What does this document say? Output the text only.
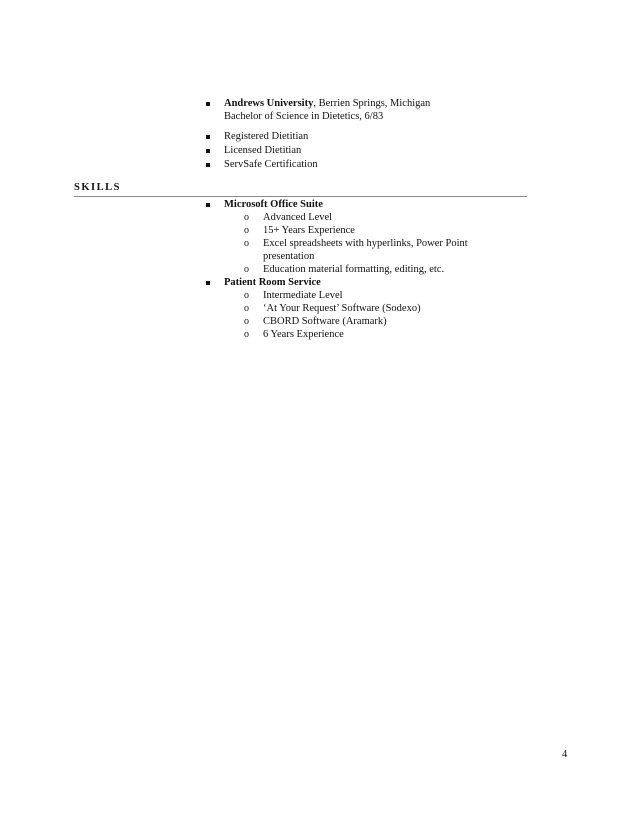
Andrews University, Berrien Springs, Michigan
Bachelor of Science in Dietetics, 6/83
Registered Dietitian
Licensed Dietitian
ServSafe Certification
SKILLS
Microsoft Office Suite
o Advanced Level
o 15+ Years Experience
o Excel spreadsheets with hyperlinks, Power Point
presentation
o Education material formatting, editing, etc.
Patient Room Service
o Intermediate Level
o ‘At Your Request’ Software (Sodexo)
o CBORD Software (Aramark)
o 6 Years Experience
4
